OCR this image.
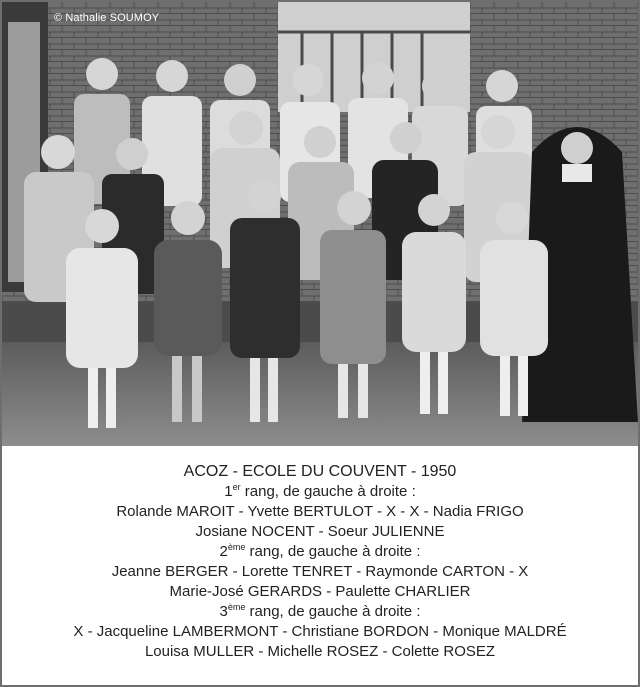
© Nathalie SOUMOY
ACOZ - ECOLE DU COUVENT - 1950
1er rang, de gauche à droite :
Rolande MAROIT - Yvette BERTULOT - X - X - Nadia FRIGO
Josiane NOCENT - Soeur JULIENNE
2ème rang, de gauche à droite :
Jeanne BERGER - Lorette TENRET - Raymonde CARTON - X
Marie-José GERARDS - Paulette CHARLIER
3ème rang, de gauche à droite :
X - Jacqueline LAMBERMONT - Christiane BORDON - Monique MALDRÉ
Louisa MULLER - Michelle ROSEZ - Colette ROSEZ
